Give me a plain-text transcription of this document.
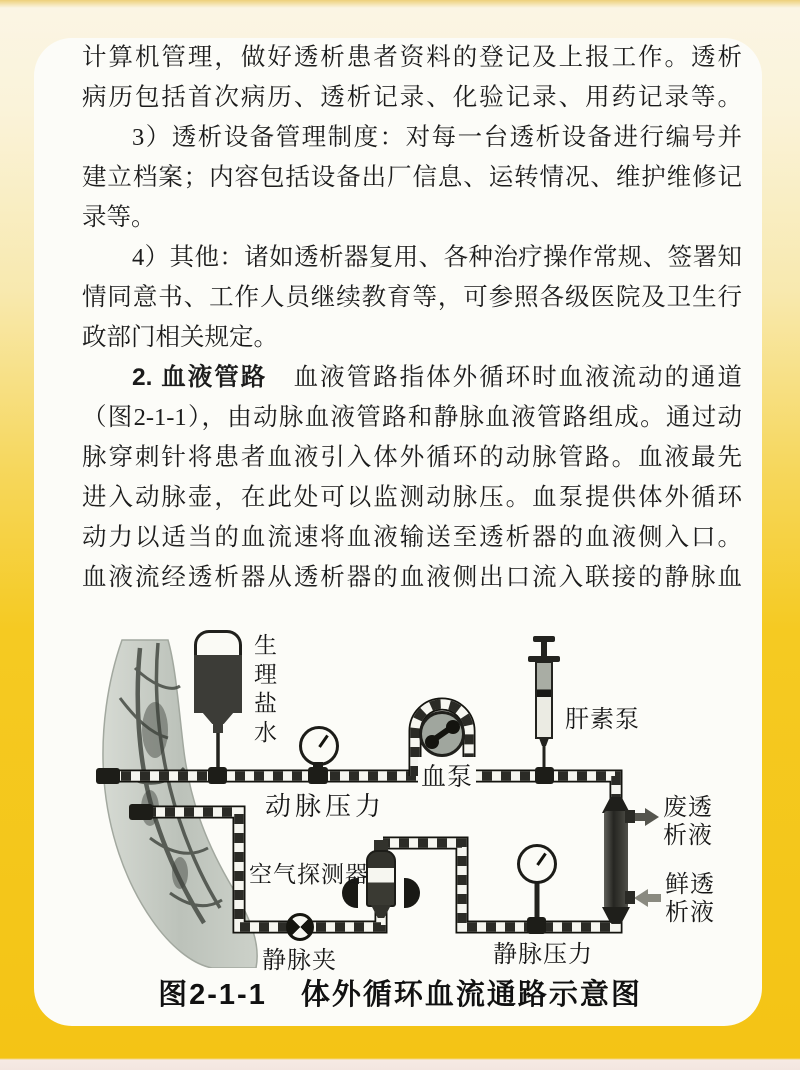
计算机管理，做好透析患者资料的登记及上报工作。透析
病历包括首次病历、透析记录、化验记录、用药记录等。
3）透析设备管理制度：对每一台透析设备进行编号并
建立档案；内容包括设备出厂信息、运转情况、维护维修记
录等。
4）其他：诸如透析器复用、各种治疗操作常规、签署知
情同意书、工作人员继续教育等，可参照各级医院及卫生行
政部门相关规定。
2. 血液管路　血液管路指体外循环时血液流动的通道
（图2-1-1），由动脉血液管路和静脉血液管路组成。通过动
脉穿刺针将患者血液引入体外循环的动脉管路。血液最先
进入动脉壶，在此处可以监测动脉压。血泵提供体外循环
动力以适当的血流速将血液输送至透析器的血液侧入口。
血液流经透析器从透析器的血液侧出口流入联接的静脉血
生理盐水
动脉压力
血泵
肝素泵
废透析液
鲜透析液
静脉压力
空气探测器
静脉夹
图2-1-1 体外循环血流通路示意图
